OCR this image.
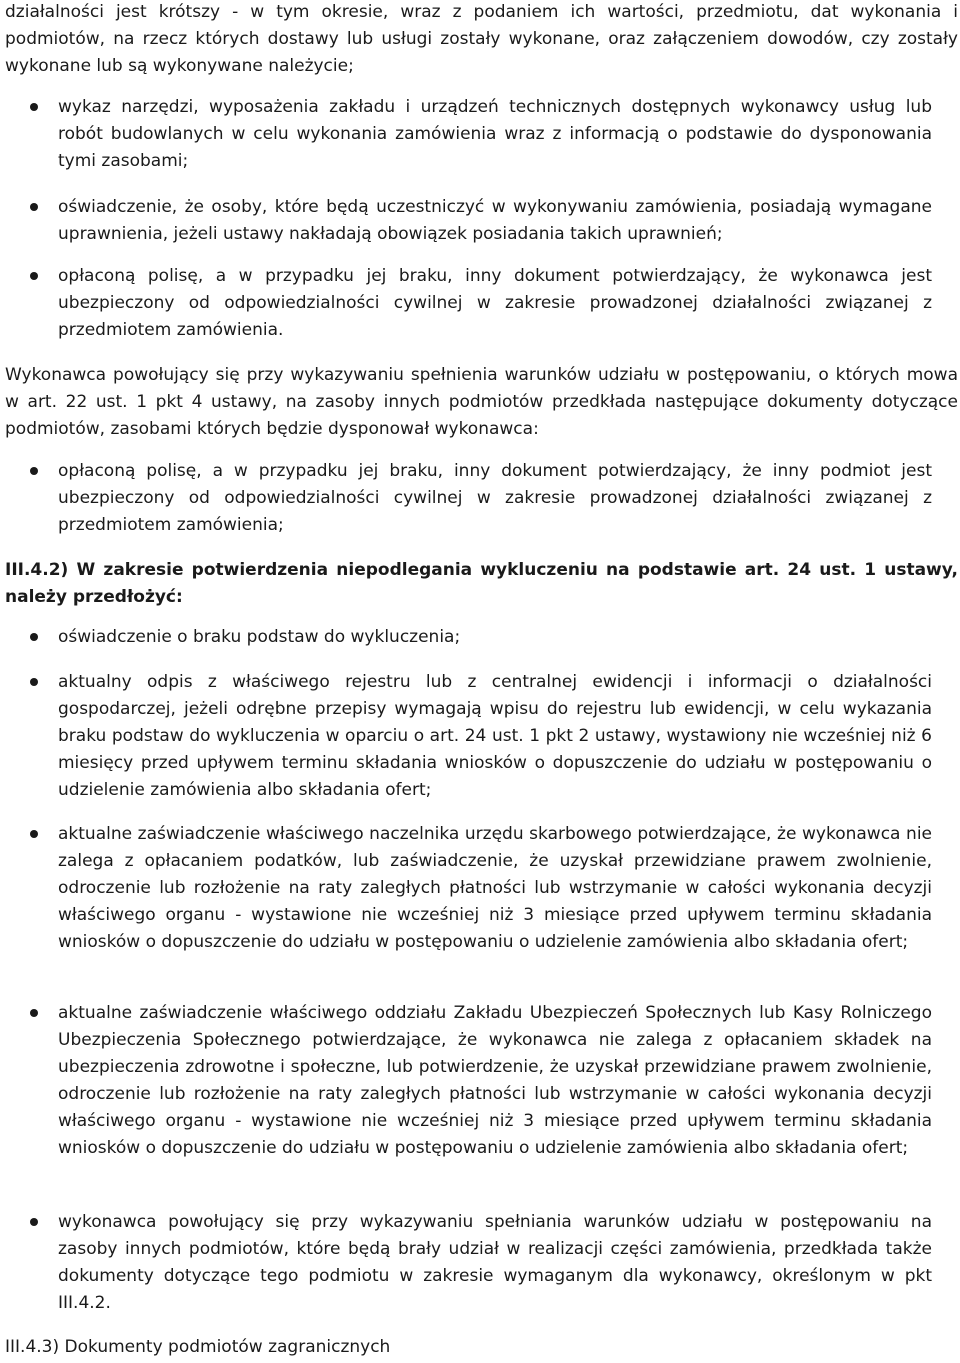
działalności jest krótszy - w tym okresie, wraz z podaniem ich wartości, przedmiotu, dat wykonania i podmiotów, na rzecz których dostawy lub usługi zostały wykonane, oraz załączeniem dowodów, czy zostały wykonane lub są wykonywane należycie;

wykaz narzędzi, wyposażenia zakładu i urządzeń technicznych dostępnych wykonawcy usług lub robót budowlanych w celu wykonania zamówienia wraz z informacją o podstawie do dysponowania tymi zasobami;

oświadczenie, że osoby, które będą uczestniczyć w wykonywaniu zamówienia, posiadają wymagane uprawnienia, jeżeli ustawy nakładają obowiązek posiadania takich uprawnień;

opłaconą polisę, a w przypadku jej braku, inny dokument potwierdzający, że wykonawca jest ubezpieczony od odpowiedzialności cywilnej w zakresie prowadzonej działalności związanej z przedmiotem zamówienia.

Wykonawca powołujący się przy wykazywaniu spełnienia warunków udziału w postępowaniu, o których mowa w art. 22 ust. 1 pkt 4 ustawy, na zasoby innych podmiotów przedkłada następujące dokumenty dotyczące podmiotów, zasobami których będzie dysponował wykonawca:

opłaconą polisę, a w przypadku jej braku, inny dokument potwierdzający, że inny podmiot jest ubezpieczony od odpowiedzialności cywilnej w zakresie prowadzonej działalności związanej z przedmiotem zamówienia;

III.4.2) W zakresie potwierdzenia niepodlegania wykluczeniu na podstawie art. 24 ust. 1 ustawy, należy przedłożyć:

oświadczenie o braku podstaw do wykluczenia;

aktualny odpis z właściwego rejestru lub z centralnej ewidencji i informacji o działalności gospodarczej, jeżeli odrębne przepisy wymagają wpisu do rejestru lub ewidencji, w celu wykazania braku podstaw do wykluczenia w oparciu o art. 24 ust. 1 pkt 2 ustawy, wystawiony nie wcześniej niż 6 miesięcy przed upływem terminu składania wniosków o dopuszczenie do udziału w postępowaniu o udzielenie zamówienia albo składania ofert;

aktualne zaświadczenie właściwego naczelnika urzędu skarbowego potwierdzające, że wykonawca nie zalega z opłacaniem podatków, lub zaświadczenie, że uzyskał przewidziane prawem zwolnienie, odroczenie lub rozłożenie na raty zaległych płatności lub wstrzymanie w całości wykonania decyzji właściwego organu - wystawione nie wcześniej niż 3 miesiące przed upływem terminu składania wniosków o dopuszczenie do udziału w postępowaniu o udzielenie zamówienia albo składania ofert;

aktualne zaświadczenie właściwego oddziału Zakładu Ubezpieczeń Społecznych lub Kasy Rolniczego Ubezpieczenia Społecznego potwierdzające, że wykonawca nie zalega z opłacaniem składek na ubezpieczenia zdrowotne i społeczne, lub potwierdzenie, że uzyskał przewidziane prawem zwolnienie, odroczenie lub rozłożenie na raty zaległych płatności lub wstrzymanie w całości wykonania decyzji właściwego organu - wystawione nie wcześniej niż 3 miesiące przed upływem terminu składania wniosków o dopuszczenie do udziału w postępowaniu o udzielenie zamówienia albo składania ofert;

wykonawca powołujący się przy wykazywaniu spełniania warunków udziału w postępowaniu na zasoby innych podmiotów, które będą brały udział w realizacji części zamówienia, przedkłada także dokumenty dotyczące tego podmiotu w zakresie wymaganym dla wykonawcy, określonym w pkt III.4.2.

III.4.3) Dokumenty podmiotów zagranicznych
